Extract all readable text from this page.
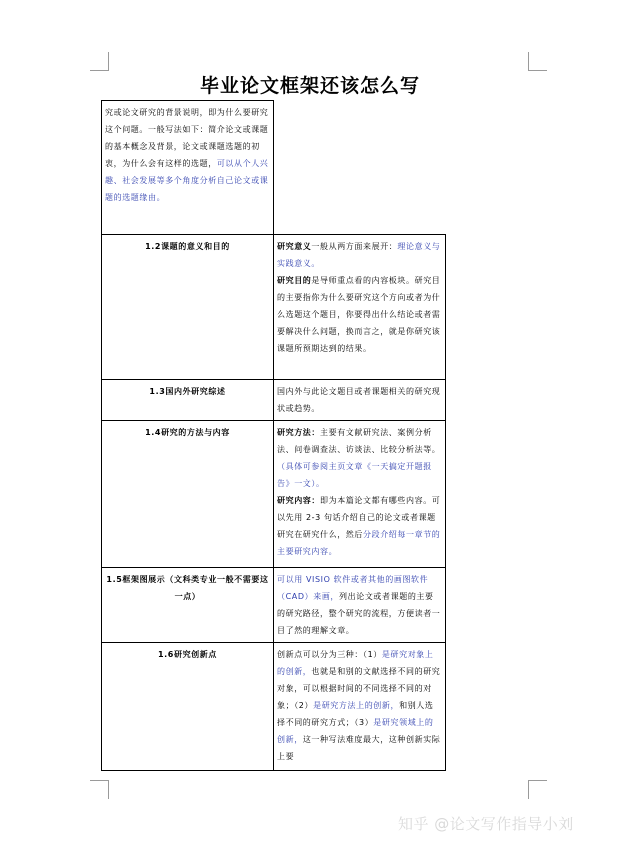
毕业论文框架还该怎么写
究或论文研究的背景说明，即为什么要研究这个问题。一般写法如下：简介论文或课题的基本概念及背景，论文或课题选题的初衷，为什么会有这样的选题，可以从个人兴趣、社会发展等多个角度分析自己论文或课题的选题缘由。	
1.2课题的意义和目的	研究意义一般从两方面来展开：理论意义与实践意义。
研究目的是导师重点看的内容板块。研究目的主要指你为什么要研究这个方向或者为什么选题这个题目，你要得出什么结论或者需要解决什么问题，换而言之，就是你研究该课题所预期达到的结果。
1.3国内外研究综述	国内外与此论文题目或者课题相关的研究现状或趋势。
1.4研究的方法与内容	研究方法：主要有文献研究法、案例分析法、问卷调查法、访谈法、比较分析法等。（具体可参阅主页文章《一天搞定开题报告》一文）。
研究内容：即为本篇论文都有哪些内容。可以先用 2-3 句话介绍自己的论文或者课题研究在研究什么，然后分段介绍每一章节的主要研究内容。
1.5框架图展示（文科类专业一般不需要这一点）	可以用 VISIO 软件或者其他的画图软件（CAD）来画，列出论文或者课题的主要的研究路径，整个研究的流程，方便读者一目了然的理解文章。
1.6研究创新点	创新点可以分为三种：（1）是研究对象上的创新，也就是和别的文献选择不同的研究对象，可以根据时间的不同选择不同的对象；（2）是研究方法上的创新，和别人选择不同的研究方式；（3）是研究领域上的创新，这一种写法难度最大，这种创新实际上要
知乎 @论文写作指导小刘
